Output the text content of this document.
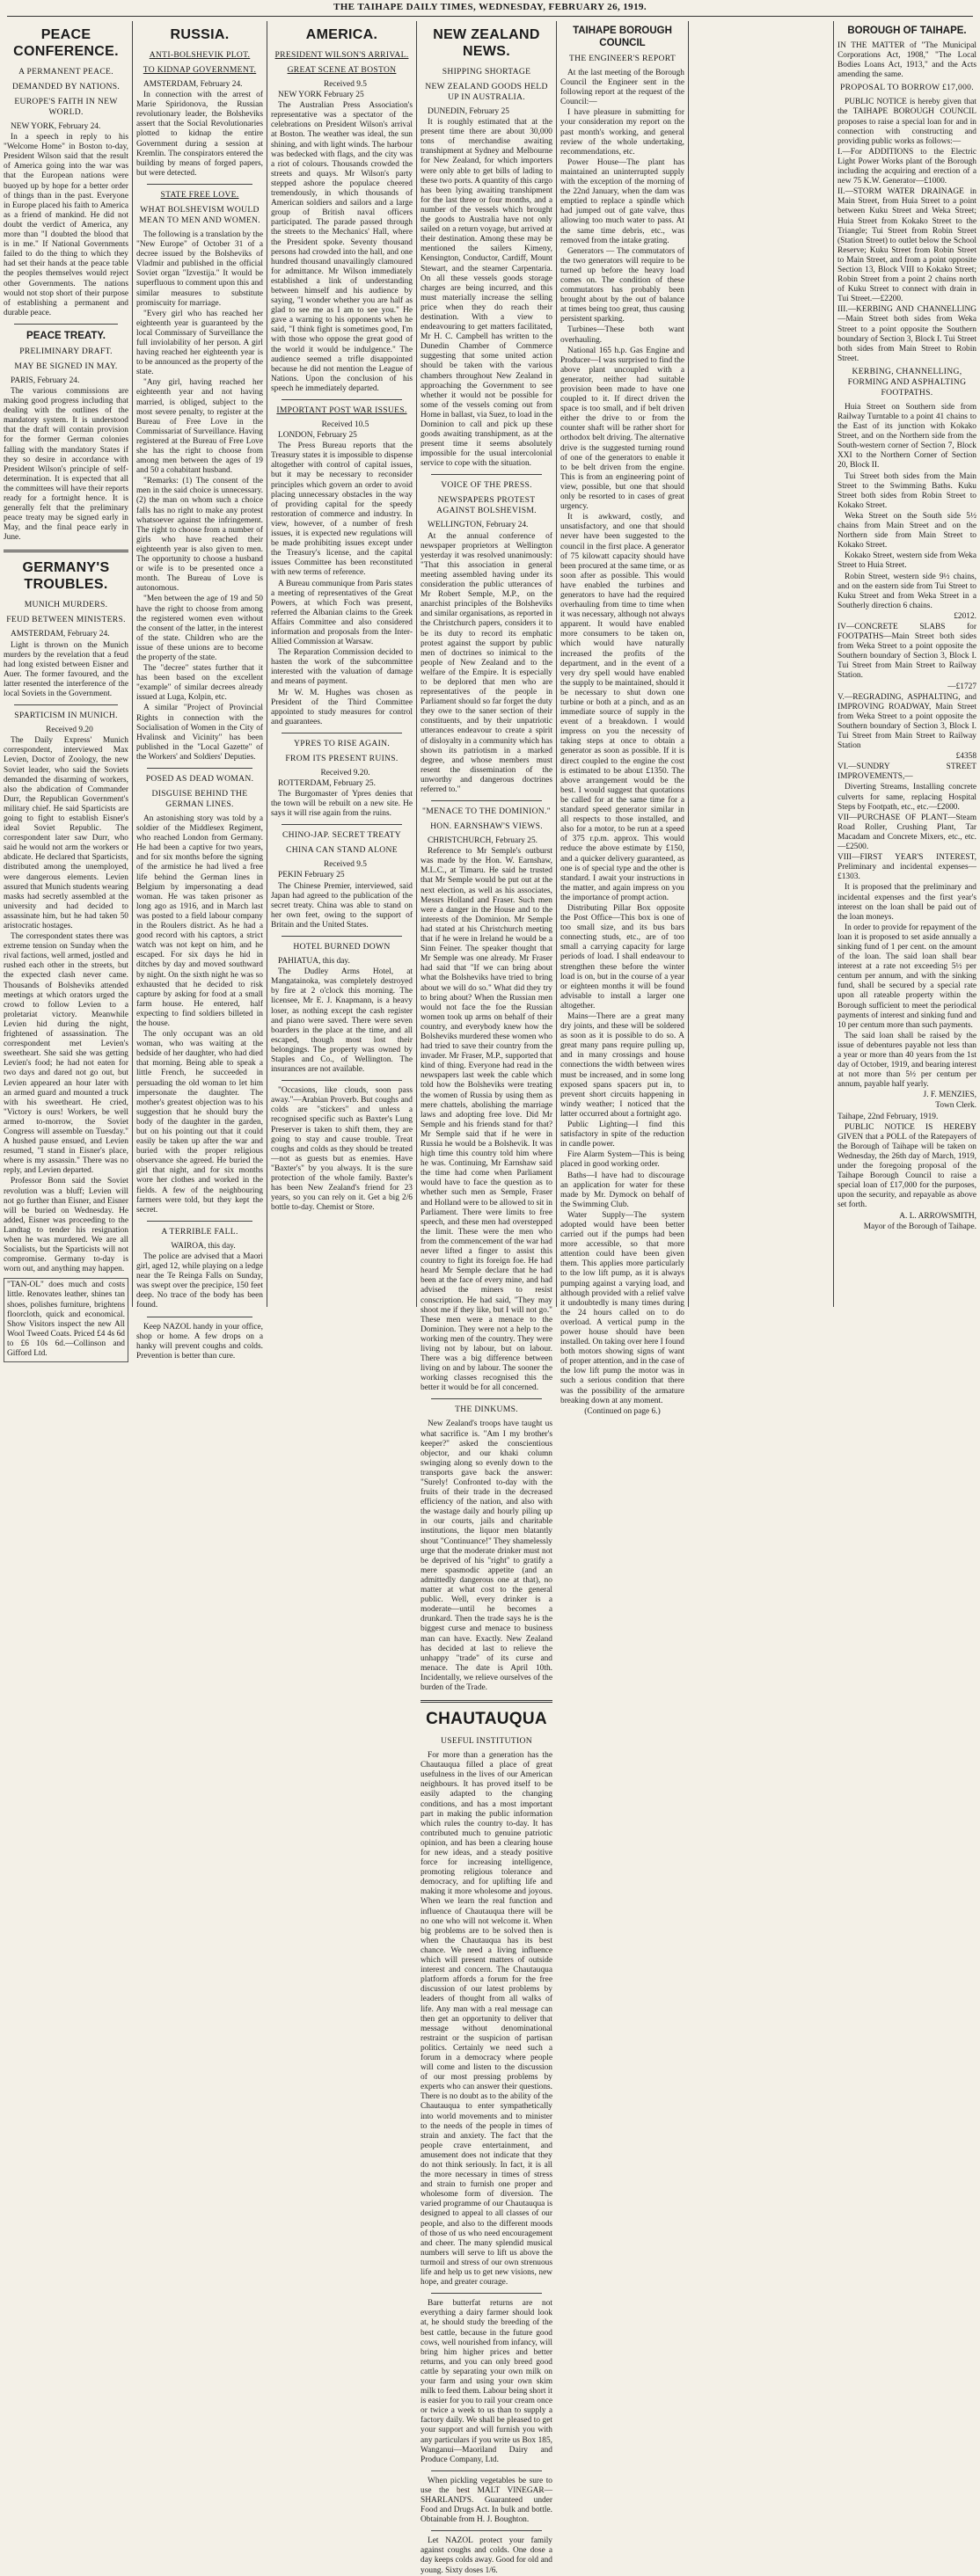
THE TAIHAPE DAILY TIMES, WEDNESDAY, FEBRUARY 26, 1919.
PEACE CONFERENCE.
A PERMANENT PEACE.
DEMANDED BY NATIONS.
EUROPE'S FAITH IN NEW WORLD.

NEW YORK, February 24.

In a speech in reply to his "Welcome Home" in Boston to-day, President Wilson said that the result of America going into the war was that the European nations were buoyed up by hope for a better order of things than in the past. Everyone in Europe placed his faith to America as a friend of mankind. He did not doubt the verdict of America, any more than "I doubted the blood that is in me." If National Governments failed to do the thing to which they had set their hands at the peace table the peoples themselves would reject other Governments. The nations would not stop short of their purpose of establishing a permanent and durable peace.

PEACE TREATY.
PRELIMINARY DRAFT.
MAY BE SIGNED IN MAY.

PARIS, February 24.

The various commissions are making good progress including that dealing with the outlines of the mandatory system. It is understood that the draft will contain provision for the former German colonies falling with the mandatory States if they so desire in accordance with President Wilson's principle of self-determination. It is expected that all the committees will have their reports ready for a fortnight hence. It is generally felt that the preliminary peace treaty may be signed early in May, and the final peace early in June.

GERMANY'S TROUBLES.
MUNICH MURDERS.
FEUD BETWEEN MINISTERS.

AMSTERDAM, February 24.

Light is thrown on the Munich murders by the revelation that a feud had long existed between Eisner and Auer. The former favoured, and the latter resented the interference of the local Soviets in the Government.

SPARTICISM IN MUNICH.

Received 9.20

The Daily Express' Munich correspondent, interviewed Max Levien, Doctor of Zoology, the new Soviet leader, who said the Soviets demanded the disarming of workers, also the abdication of Commander Durr, the Republican Government's military chief. He said Sparticists are going to fight to establish Eisner's ideal Soviet Republic. The correspondent later saw Durr, who said he would not arm the workers or abdicate. He declared that Sparticists, distributed among the unemployed, were dangerous elements. Levien assured that Munich students wearing masks had secretly assembled at the university and had decided to assassinate him, but he had taken 50 aristocratic hostages.

The correspondent states there was extreme tension on Sunday when the rival factions, well armed, jostled and rushed each other in the streets, but the expected clash never came. Thousands of Bolsheviks attended meetings at which orators urged the crowd to follow Levien to a proletariat victory. Meanwhile Levien hid during the night, frightened of assassination. The correspondent met Levien's sweetheart. She said she was getting Levien's food; he had not eaten for two days and dared not go out, but Levien appeared an hour later with an armed guard and mounted a truck with his sweetheart. He cried, "Victory is ours! Workers, be well armed to-morrow, the Soviet Congress will assemble on Tuesday." A hushed pause ensued, and Levien resumed, "I stand in Eisner's place, where is my assassin." There was no reply, and Levien departed.

Professor Bonn said the Soviet revolution was a bluff; Levien will not go further than Eisner, and Eisner will be buried on Wednesday. He added, Eisner was proceeding to the Landtag to tender his resignation when he was murdered. We are all Socialists, but the Sparticists will not compromise. Germany to-day is worn out, and anything may happen.

"TAN-OL" does much and costs little. Renovates leather, shines tan shoes, polishes furniture, brightens floorcloth, quick and economical. Show Visitors inspect the new All Wool Tweed Coats. Priced £4 4s 6d to £6 10s 6d.—Collinson and Gifford Ltd.

RUSSIA.
ANTI-BOLSHEVIK PLOT.
TO KIDNAP GOVERNMENT.

AMSTERDAM, February 24.

In connection with the arrest of Marie Spiridonova, the Russian revolutionary leader, the Bolsheviks assert that the Social Revolutionaries plotted to kidnap the entire Government during a session at Kremlin. The conspirators entered the building by means of forged papers, but were detected.

STATE FREE LOVE.
WHAT BOLSHEVISM WOULD MEAN TO MEN AND WOMEN.

The following is a translation by the "New Europe" of October 31 of a decree issued by the Bolsheviks of Vladmir and published in the official Soviet organ "Izvestija." It would be superfluous to comment upon this and similar measures to substitute promiscuity for marriage.

"Every girl who has reached her eighteenth year is guaranteed by the local Commissary of Surveillance the full inviolability of her person. A girl having reached her eighteenth year is to be announced as the property of the state.

"Any girl, having reached her eighteenth year and not having married, is obliged, subject to the most severe penalty, to register at the Bureau of Free Love in the Commissariat of Surveillance. Having registered at the Bureau of Free Love she has the right to choose from among men between the ages of 19 and 50 a cohabitant husband.

"Remarks: (1) The consent of the men in the said choice is unnecessary. (2) the man on whom such a choice falls has no right to make any protest whatsoever against the infringement. The right to choose from a number of girls who have reached their eighteenth year is also given to men. The opportunity to choose a husband or wife is to be presented once a month. The Bureau of Love is autonomous.

"Men between the age of 19 and 50 have the right to choose from among the registered women even without the consent of the latter, in the interest of the state. Children who are the issue of these unions are to become the property of the state.

The "decree" states further that it has been based on the excellent "example" of similar decrees already issued at Luga, Kolpin, etc.

A similar "Project of Provincial Rights in connection with the Socialisation of Women in the City of Hvalinsk and Vicinity" has been published in the "Local Gazette" of the Workers' and Soldiers' Deputies.

POSED AS DEAD WOMAN.
DISGUISE BEHIND THE GERMAN LINES.

An astonishing story was told by a soldier of the Middlesex Regiment, who reached London from Germany. He had been a captive for two years, and for six months before the signing of the armistice he had lived a free life behind the German lines in Belgium by impersonating a dead woman. He was taken prisoner as long ago as 1916, and in March last was posted to a field labour company in the Roulers district. As he had a good record with his captors, a strict watch was not kept on him, and he escaped. For six days he hid in ditches by day and moved southward by night. On the sixth night he was so exhausted that he decided to risk capture by asking for food at a small farm house. He entered, half expecting to find soldiers billeted in the house.

The only occupant was an old woman, who was waiting at the bedside of her daughter, who had died that morning. Being able to speak a little French, he succeeded in persuading the old woman to let him impersonate the daughter. The mother's greatest objection was to his suggestion that he should bury the body of the daughter in the garden, but on his pointing out that it could easily be taken up after the war and buried with the proper religious observance she agreed. He buried the girl that night, and for six months wore her clothes and worked in the fields. A few of the neighbouring farmers were told, but they kept the secret.

A TERRIBLE FALL.

WAIROA, this day.

The police are advised that a Maori girl, aged 12, while playing on a ledge near the Te Reinga Falls on Sunday, was swept over the precipice, 150 feet deep. No trace of the body has been found.

Keep NAZOL handy in your office, shop or home. A few drops on a hanky will prevent coughs and colds. Prevention is better than cure.

AMERICA.
PRESIDENT WILSON'S ARRIVAL.
GREAT SCENE AT BOSTON

Received 9.5

NEW YORK February 25

The Australian Press Association's representative was a spectator of the celebrations on President Wilson's arrival at Boston. The weather was ideal, the sun shining, and with light winds. The harbour was bedecked with flags, and the city was a riot of colours. Thousands crowded the streets and quays. Mr Wilson's party stepped ashore the populace cheered tremendously, in which thousands of American soldiers and sailors and a large group of British naval officers participated. The parade passed through the streets to the Mechanics' Hall, where the President spoke. Seventy thousand persons had crowded into the hall, and one hundred thousand unavailingly clamoured for admittance. Mr Wilson immediately established a link of understanding between himself and his audience by saying, "I wonder whether you are half as glad to see me as I am to see you." He gave a warning to his opponents when he said, "I think fight is sometimes good, I'm with those who oppose the great good of the world it would be indulgence." The audience seemed a trifle disappointed because he did not mention the League of Nations. Upon the conclusion of his speech he immediately departed.

IMPORTANT POST WAR ISSUES.

Received 10.5

LONDON, February 25

The Press Bureau reports that the Treasury states it is impossible to dispense altogether with control of capital issues, but it may be necessary to reconsider principles which govern an order to avoid placing unnecessary obstacles in the way of providing capital for the speedy restoration of commerce and industry. In view, however, of a number of fresh issues, it is expected new regulations will be made prohibiting issues except under the Treasury's license, and the capital issues Committee has been reconstituted with new terms of reference.

A Bureau communique from Paris states a meeting of representatives of the Great Powers, at which Foch was present, referred the Albanian claims to the Greek Affairs Committee and also considered information and proposals from the Inter-Allied Commission at Warsaw.

The Reparation Commission decided to hasten the work of the subcommittee interested with the valuation of damage and means of payment.

Mr W. M. Hughes was chosen as President of the Third Committee appointed to study measures for control and guarantees.

YPRES TO RISE AGAIN.
FROM ITS PRESENT RUINS.

Received 9.20.

ROTTERDAM, February 25.

The Burgomaster of Ypres denies that the town will be rebuilt on a new site. He says it will rise again from the ruins.

CHINO-JAP. SECRET TREATY
CHINA CAN STAND ALONE

Received 9.5

PEKIN February 25

The Chinese Premier, interviewed, said Japan had agreed to the publication of the secret treaty. China was able to stand on her own feet, owing to the support of Britain and the United States.

HOTEL BURNED DOWN

PAHIATUA, this day.

The Dudley Arms Hotel, at Mangatainoka, was completely destroyed by fire at 2 o'clock this morning. The licensee, Mr E. J. Knapmann, is a heavy loser, as nothing except the cash register and piano were saved. There were seven boarders in the place at the time, and all escaped, though most lost their belongings. The property was owned by Staples and Co., of Wellington. The insurances are not available.

"Occasions, like clouds, soon pass away."—Arabian Proverb. But coughs and colds are "stickers" and unless a recognised specific such as Baxter's Lung Preserver is taken to shift them, they are going to stay and cause trouble. Treat coughs and colds as they should be treated—not as guests but as enemies. Have "Baxter's" by you always. It is the sure protection of the whole family. Baxter's has been New Zealand's friend for 23 years, so you can rely on it. Get a big 2/6 bottle to-day. Chemist or Store.

NEW ZEALAND NEWS.
SHIPPING SHORTAGE
NEW ZEALAND GOODS HELD UP IN AUSTRALIA.

DUNEDIN, February 25

It is roughly estimated that at the present time there are about 30,000 tons of merchandise awaiting transhipment at Sydney and Melbourne for New Zealand, for which importers were only able to get bills of lading to these two ports. A quantity of this cargo has been lying awaiting transhipment for the last three or four months, and a number of the vessels which brought the goods to Australia have not only sailed on a return voyage, but arrived at their destination. Among these may be mentioned the sailers Kimeny, Kensington, Conductor, Cardiff, Mount Stewart, and the steamer Carpentaria. On all these vessels goods storage charges are being incurred, and this must materially increase the selling price when they do reach their destination. With a view to endeavouring to get matters facilitated, Mr H. C. Campbell has written to the Dunedin Chamber of Commerce suggesting that some united action should be taken with the various chambers throughout New Zealand in approaching the Government to see whether it would not be possible for some of the vessels coming out from Home in ballast, via Suez, to load in the Dominion to call and pick up these goods awaiting transhipment, as at the present time it seems absolutely impossible for the usual intercolonial service to cope with the situation.

VOICE OF THE PRESS.
NEWSPAPERS PROTEST AGAINST BOLSHEVISM.

WELLINGTON, February 24.

At the annual conference of newspaper proprietors at Wellington yesterday it was resolved unanimously: "That this association in general meeting assembled having under its consideration the public utterances of Mr Robert Semple, M.P., on the anarchist principles of the Bolsheviks and similar organisations, as reported in the Christchurch papers, considers it to be its duty to record its emphatic protest against the support by public men of doctrines so inimical to the people of New Zealand and to the welfare of the Empire. It is especially to be deplored that men who are representatives of the people in Parliament should so far forget the duty they owe to the saner section of their constituents, and by their unpatriotic utterances endeavour to create a spirit of disloyalty in a community which has shown its patriotism in a marked degree, and whose members must resent the dissemination of the unworthy and dangerous doctrines referred to."

"MENACE TO THE DOMINION."
HON. EARNSHAW'S VIEWS.

CHRISTCHURCH, February 25.

Reference to Mr Semple's outburst was made by the Hon. W. Earnshaw, M.L.C., at Timaru. He said he trusted that Mr Semple would be put out at the next election, as well as his associates, Messrs Holland and Fraser. Such men were a danger in the House and to the interests of the Dominion. Mr Semple had stated at his Christchurch meeting that if he were in Ireland he would be a Sinn Feiner. The speaker thought that Mr Semple was one already. Mr Fraser had said that "If we can bring about what the Bolsheviks have tried to bring about we will do so." What did they try to bring about? When the Russian men would not face the foe the Russian women took up arms on behalf of their country, and everybody knew how the Bolsheviks murdered these women who had tried to save their country from the invader. Mr Fraser, M.P., supported that kind of thing. Everyone had read in the newspapers last week the cable which told how the Bolsheviks were treating the women of Russia by using them as mere chattels, abolishing the marriage laws and adopting free love. Did Mr Semple and his friends stand for that? Mr Semple said that if he were in Russia he would be a Bolshevik. It was high time this country told him where he was. Continuing, Mr Earnshaw said the time had come when Parliament would have to face the question as to whether such men as Semple, Fraser and Holland were to be allowed to sit in Parliament. There were limits to free speech, and these men had overstepped the limit. These were the men who from the commencement of the war had never lifted a finger to assist this country to fight its foreign foe. He had heard Mr Semple declare that he had been at the face of every mine, and had advised the miners to resist conscription. He had said, "They may shoot me if they like, but I will not go." These men were a menace to the Dominion. They were not a help to the working men of the country. They were living not by labour, but on labour. There was a big difference between living on and by labour. The sooner the working classes recognised this the better it would be for all concerned.

THE DINKUMS.

New Zealand's troops have taught us what sacrifice is. "Am I my brother's keeper?" asked the conscientious objector, and our khaki column swinging along so evenly down to the transports gave back the answer: "Surely! Confronted to-day with the fruits of their trade in the decreased efficiency of the nation, and also with the wastage daily and hourly piling up in our courts, jails and charitable institutions, the liquor men blatantly shout "Continuance!" They shamelessly urge that the moderate drinker must not be deprived of his "right" to gratify a mere spasmodic appetite (and an admittedly dangerous one at that), no matter at what cost to the general public. Well, every drinker is a moderate—until he becomes a drunkard. Then the trade says he is the biggest curse and menace to business man can have. Exactly. New Zealand has decided at last to relieve the unhappy "trade" of its curse and menace. The date is April 10th. Incidentally, we relieve ourselves of the burden of the Trade.

CHAUTAUQUA
USEFUL INSTITUTION

For more than a generation has the Chautauqua filled a place of great usefulness in the lives of our American neighbours. It has proved itself to be easily adapted to the changing conditions, and has a most important part in making the public information which rules the country to-day. It has contributed much to genuine patriotic opinion, and has been a clearing house for new ideas, and a steady positive force for increasing intelligence, promoting religious tolerance and democracy, and for uplifting life and making it more wholesome and joyous. When we learn the real function and influence of Chautauqua there will be no one who will not welcome it. When big problems are to be solved then is when the Chautauqua has its best chance. We need a living influence which will present matters of outside interest and concern. The Chautauqua platform affords a forum for the free discussion of our latest problems by leaders of thought from all walks of life. Any man with a real message can then get an opportunity to deliver that message without denominational restraint or the suspicion of partisan politics. Certainly we need such a forum in a democracy where people will come and listen to the discussion of our most pressing problems by experts who can answer their questions. There is no doubt as to the ability of the Chautauqua to enter sympathetically into world movements and to minister to the needs of the people in times of strain and anxiety. The fact that the people crave entertainment, and amusement does not indicate that they do not think seriously. In fact, it is all the more necessary in times of stress and strain to furnish one proper and wholesome form of diversion. The varied programme of our Chautauqua is designed to appeal to all classes of our people, and also to the different moods of those of us who need encouragement and cheer. The many splendid musical numbers will serve to lift us above the turmoil and stress of our own strenuous life and help us to get new visions, new hope, and greater courage.

Bare butterfat returns are not everything a dairy farmer should look at, he should study the breeding of the best cattle, because in the future good cows, well nourished from infancy, will bring him higher prices and better returns, and you can only breed good cattle by separating your own milk on your farm and using your own skim milk to feed them. Labour being short it is easier for you to rail your cream once or twice a week to us than to supply a factory daily. We shall be pleased to get your support and will furnish you with any particulars if you write us Box 185, Wanganui—Maoriland Dairy and Produce Company, Ltd.

When pickling vegetables be sure to use the best MALT VINEGAR—SHARLAND'S. Guaranteed under Food and Drugs Act. In bulk and bottle. Obtainable from H. J. Boughton.

Let NAZOL protect your family against coughs and colds. One dose a day keeps colds away. Good for old and young. Sixty doses 1/6.

TAIHAPE BOROUGH COUNCIL
THE ENGINEER'S REPORT

At the last meeting of the Borough Council the Engineer sent in the following report at the request of the Council:—

I have pleasure in submitting for your consideration my report on the past month's working, and general review of the whole undertaking, recommendations, etc.

Power House—The plant has maintained an uninterrupted supply with the exception of the morning of the 22nd January, when the dam was emptied to replace a spindle which had jumped out of gate valve, thus allowing too much water to pass. At the same time debris, etc., was removed from the intake grating.

Generators — The commutators of the two generators will require to be turned up before the heavy load comes on. The condition of these commutators has probably been brought about by the out of balance at times being too great, thus causing persistent sparking.

Turbines—These both want overhauling.

National 165 h.p. Gas Engine and Producer—I was surprised to find the above plant uncoupled with a generator, neither had suitable provision been made to have one coupled to it. If direct driven the space is too small, and if belt driven either the drive to or from the counter shaft will be rather short for orthodox belt driving. The alternative drive is the suggested turning round of one of the generators to enable it to be belt driven from the engine. This is from an engineering point of view, possible, but one that should only be resorted to in cases of great urgency.

It is awkward, costly, and unsatisfactory, and one that should never have been suggested to the council in the first place. A generator of 75 kilowatt capacity should have been procured at the same time, or as soon after as possible. This would have enabled the turbines and generators to have had the required overhauling from time to time when it was necessary, although not always apparent. It would have enabled more consumers to be taken on, which would have naturally increased the profits of the department, and in the event of a very dry spell would have enabled the supply to be maintained, should it be necessary to shut down one turbine or both at a pinch, and as an immediate source of supply in the event of a breakdown. I would impress on you the necessity of taking steps at once to obtain a generator as soon as possible. If it is direct coupled to the engine the cost is estimated to be about £1350. The above arrangement would be the best. I would suggest that quotations be called for at the same time for a standard speed generator similar in all respects to those installed, and also for a motor, to be run at a speed of 375 r.p.m. approx. This would reduce the above estimate by £150, and a quicker delivery guaranteed, as one is of special type and the other is standard. I await your instructions in the matter, and again impress on you the importance of prompt action.

Distributing Pillar Box opposite the Post Office—This box is one of too small size, and its bus bars connecting studs, etc., are of too small a carrying capacity for large periods of load. I shall endeavour to strengthen these before the winter load is on, but in the course of a year or eighteen months it will be found advisable to install a larger one altogether.

Mains—There are a great many dry joints, and these will be soldered as soon as it is possible to do so. A great many pans require pulling up, and in many crossings and house connections the width between wires must be increased, and in some long exposed spans spacers put in, to prevent short circuits happening in windy weather; I noticed that the latter occurred about a fortnight ago.

Public Lighting—I find this satisfactory in spite of the reduction in candle power.

Fire Alarm System—This is being placed in good working order.

Baths—I have had to discourage an application for water for these made by Mr. Dymock on behalf of the Swimming Club.

Water Supply—The system adopted would have been better carried out if the pumps had been more accessible, so that more attention could have been given them. This applies more particularly to the low lift pump, as it is always pumping against a varying load, and although provided with a relief valve it undoubtedly is many times during the 24 hours called on to do overload. A vertical pump in the power house should have been installed. On taking over here I found both motors showing signs of want of proper attention, and in the case of the low lift pump the motor was in such a serious condition that there was the possibility of the armature breaking down at any moment.

(Continued on page 6.)

BOROUGH OF TAIHAPE.

IN THE MATTER of "The Municipal Corporations Act, 1908," "The Local Bodies Loans Act, 1913," and the Acts amending the same.

PROPOSAL TO BORROW £17,000.

PUBLIC NOTICE is hereby given that the TAIHAPE BOROUGH COUNCIL proposes to raise a special loan for and in connection with constructing and providing public works as follows:—

I.—For ADDITIONS to the Electric Light Power Works plant of the Borough including the acquiring and erection of a new 75 K.W. Generator—£1000.

II.—STORM WATER DRAINAGE in Main Street, from Huia Street to a point between Kuku Street and Weka Street; Huia Street from Kokako Street to the Triangle; Tui Street from Robin Street (Station Street) to outlet below the School Reserve; Kuku Street from Robin Street to Main Street, and from a point opposite Section 13, Block VIII to Kokako Street; Robin Street from a point 2 chains north of Kuku Street to connect with drain in Tui Street.—£2200.

III.—KERBING AND CHANNELLING—Main Street both sides from Weka Street to a point opposite the Southern boundary of Section 3, Block I. Tui Street both sides from Main Street to Robin Street.

KERBING, CHANNELLING, FORMING AND ASPHALTING FOOTPATHS.

Huia Street on Southern side from Railway Turntable to a point 41 chains to the East of its junction with Kokako Street, and on the Northern side from the South-western corner of Section 7, Block XXI to the Northern Corner of Section 20, Block II.

Tui Street both sides from the Main Street to the Swimming Baths. Kuku Street both sides from Robin Street to Kokako Street.

Weka Street on the South side 5½ chains from Main Street and on the Northern side from Main Street to Kokako Street.

Kokako Street, western side from Weka Street to Huia Street.

Robin Street, western side 9½ chains, and on the eastern side from Tui Street to Kuku Street and from Weka Street in a Southerly direction 6 chains.

£2012.

IV—CONCRETE SLABS for FOOTPATHS—Main Street both sides from Weka Street to a point opposite the Southern boundary of Section 3, Block I. Tui Street from Main Street to Railway Station.

—£1727

V.—REGRADING, ASPHALTING, and IMPROVING ROADWAY, Main Street from Weka Street to a point opposite the Southern boundary of Section 3, Block I. Tui Street from Main Street to Railway Station

£4358

VI.—SUNDRY STREET IMPROVEMENTS,—

Diverting Streams, Installing concrete culverts for same, replacing Hospital Steps by Footpath, etc., etc.—£2000.

VII—PURCHASE OF PLANT—Steam Road Roller, Crushing Plant, Tar Macadam and Concrete Mixers, etc., etc.—£2500.

VIII—FIRST YEAR'S INTEREST, Preliminary and incidental expenses—£1303.

It is proposed that the preliminary and incidental expenses and the first year's interest on the loan shall be paid out of the loan moneys.

In order to provide for repayment of the loan it is proposed to set aside annually a sinking fund of 1 per cent. on the amount of the loan. The said loan shall bear interest at a rate not exceeding 5½ per centum per annum, and with the sinking fund, shall be secured by a special rate upon all rateable property within the Borough sufficient to meet the periodical payments of interest and sinking fund and 10 per centum more than such payments.

The said loan shall be raised by the issue of debentures payable not less than a year or more than 40 years from the 1st day of October, 1919, and bearing interest at not more than 5½ per centum per annum, payable half yearly.

J. F. MENZIES,

Town Clerk.

Taihape, 22nd February, 1919.

PUBLIC NOTICE IS HEREBY GIVEN that a POLL of the Ratepayers of the Borough of Taihape will be taken on Wednesday, the 26th day of March, 1919, under the foregoing proposal of the Taihape Borough Council to raise a special loan of £17,000 for the purposes, upon the security, and repayable as above set forth.

A. L. ARROWSMITH,

Mayor of the Borough of Taihape.
